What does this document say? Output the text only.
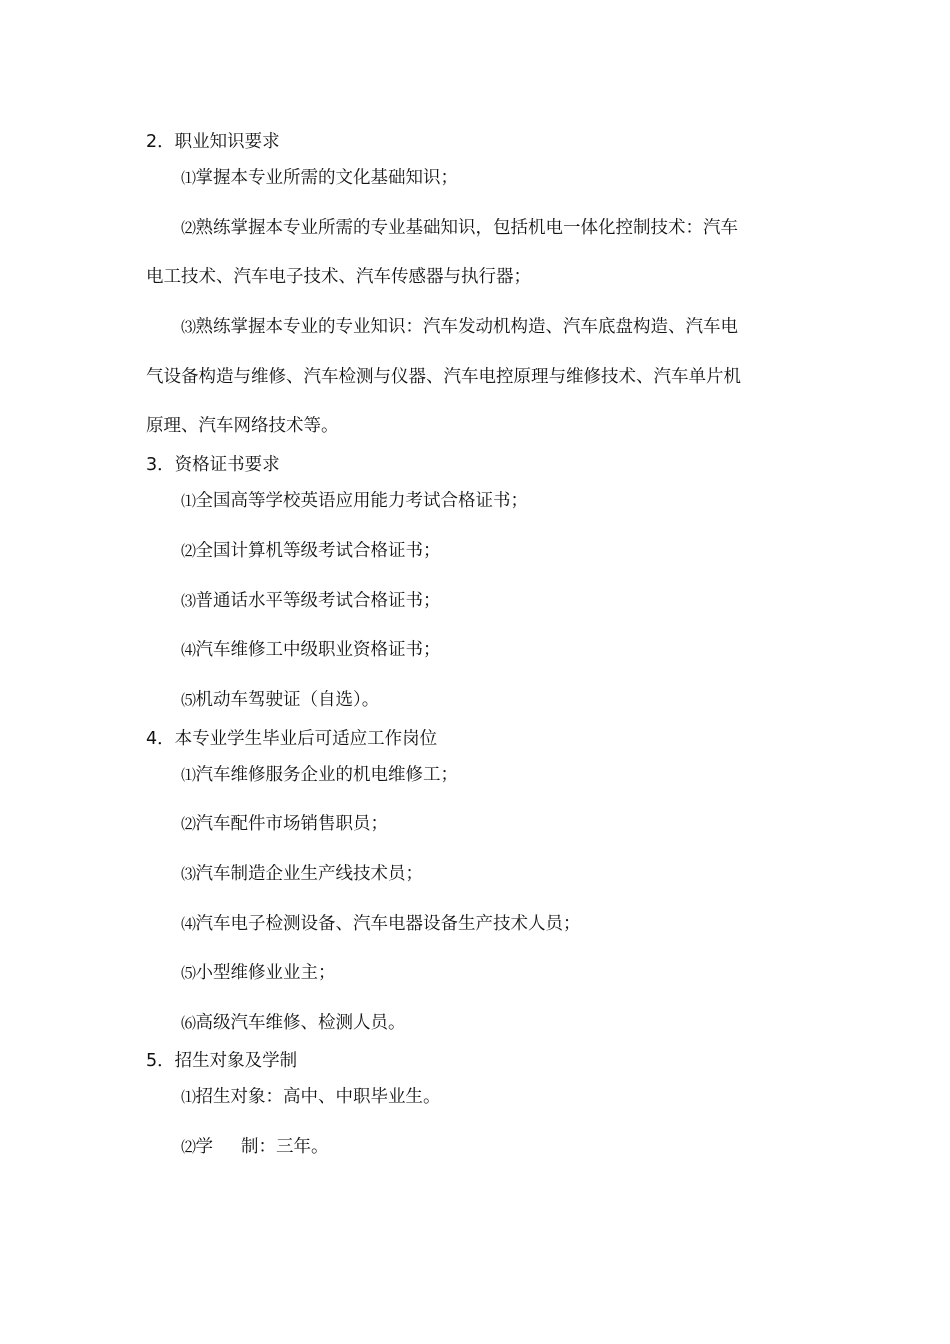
2．职业知识要求
⑴掌握本专业所需的文化基础知识；
⑵熟练掌握本专业所需的专业基础知识，包括机电一体化控制技术：汽车
电工技术、汽车电子技术、汽车传感器与执行器；
⑶熟练掌握本专业的专业知识：汽车发动机构造、汽车底盘构造、汽车电
气设备构造与维修、汽车检测与仪器、汽车电控原理与维修技术、汽车单片机
原理、汽车网络技术等。
3．资格证书要求
⑴全国高等学校英语应用能力考试合格证书；
⑵全国计算机等级考试合格证书；
⑶普通话水平等级考试合格证书；
⑷汽车维修工中级职业资格证书；
⑸机动车驾驶证（自选）。
4．本专业学生毕业后可适应工作岗位
⑴汽车维修服务企业的机电维修工；
⑵汽车配件市场销售职员；
⑶汽车制造企业生产线技术员；
⑷汽车电子检测设备、汽车电器设备生产技术人员；
⑸小型维修业业主；
⑹高级汽车维修、检测人员。
5．招生对象及学制
⑴招生对象：高中、中职毕业生。
⑵学 制：三年。
